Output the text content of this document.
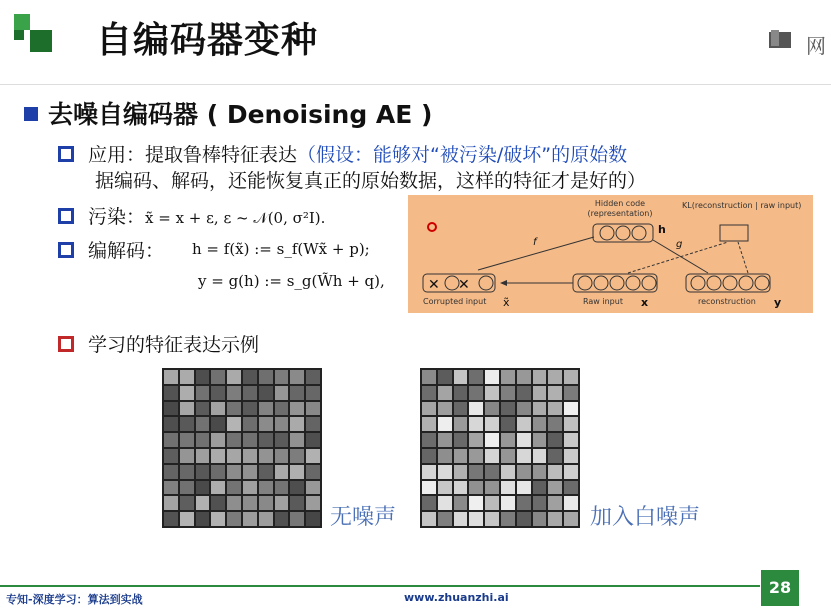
自编码器变种	网
去噪自编码器 ( Denoising AE )
应用：提取鲁棒特征表达（假设：能够对“被污染/破坏”的原始数
据编码、解码，还能恢复真正的原始数据，这样的特征才是好的）
污染：x̃ = x + ε, ε ~ 𝒩(0, σ²I).
编解码： h = f(x̃) := s_f(Wx̃ + p);
y = g(h) := s_g(W̃h + q),
Hidden code
(representation)
h
KL(reconstruction | raw input)
f	g
✕ ✕
Corrupted input x̃	Raw input x	reconstruction y
学习的特征表达示例
无噪声	加入白噪声
专知-深度学习：算法到实战	www.zhuanzhi.ai
28
